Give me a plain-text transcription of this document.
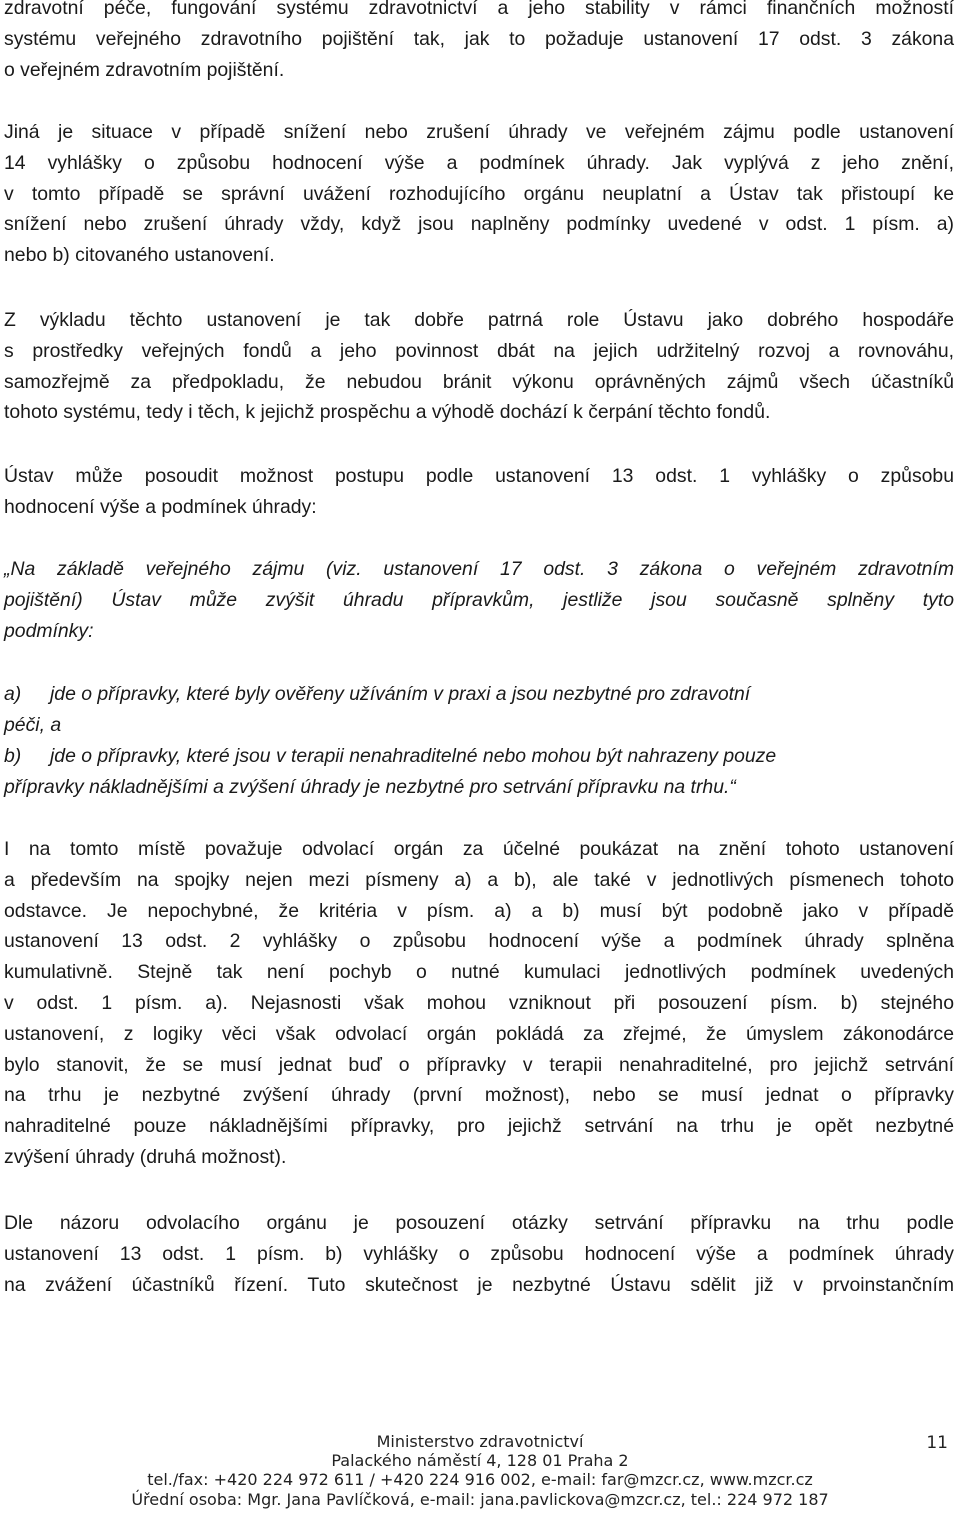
zdravotní péče, fungování systému zdravotnictví a jeho stability v rámci finančních možností
systému veřejného zdravotního pojištění tak, jak to požaduje ustanovení 17 odst. 3 zákona
o veřejném zdravotním pojištění.
Jiná je situace v případě snížení nebo zrušení úhrady ve veřejném zájmu podle ustanovení
14 vyhlášky o způsobu hodnocení výše a podmínek úhrady. Jak vyplývá z jeho znění,
v tomto případě se správní uvážení rozhodujícího orgánu neuplatní a Ústav tak přistoupí ke
snížení nebo zrušení úhrady vždy, když jsou naplněny podmínky uvedené v odst. 1 písm. a)
nebo b) citovaného ustanovení.
Z výkladu těchto ustanovení je tak dobře patrná role Ústavu jako dobrého hospodáře
s prostředky veřejných fondů a jeho povinnost dbát na jejich udržitelný rozvoj a rovnováhu,
samozřejmě za předpokladu, že nebudou bránit výkonu oprávněných zájmů všech účastníků
tohoto systému, tedy i těch, k jejichž prospěchu a výhodě dochází k čerpání těchto fondů.
Ústav může posoudit možnost postupu podle ustanovení 13 odst. 1 vyhlášky o způsobu
hodnocení výše a podmínek úhrady:
„Na základě veřejného zájmu (viz. ustanovení 17 odst. 3 zákona o veřejném zdravotním
pojištění) Ústav může zvýšit úhradu přípravkům, jestliže jsou současně splněny tyto
podmínky:
a) jde o přípravky, které byly ověřeny užíváním v praxi a jsou nezbytné pro zdravotní
péči, a
b) jde o přípravky, které jsou v terapii nenahraditelné nebo mohou být nahrazeny pouze
přípravky nákladnějšími a zvýšení úhrady je nezbytné pro setrvání přípravku na trhu.“
I na tomto místě považuje odvolací orgán za účelné poukázat na znění tohoto ustanovení
a především na spojky nejen mezi písmeny a) a b), ale také v jednotlivých písmenech tohoto
odstavce. Je nepochybné, že kritéria v písm. a) a b) musí být podobně jako v případě
ustanovení 13 odst. 2 vyhlášky o způsobu hodnocení výše a podmínek úhrady splněna
kumulativně. Stejně tak není pochyb o nutné kumulaci jednotlivých podmínek uvedených
v odst. 1 písm. a). Nejasnosti však mohou vzniknout při posouzení písm. b) stejného
ustanovení, z logiky věci však odvolací orgán pokládá za zřejmé, že úmyslem zákonodárce
bylo stanovit, že se musí jednat buď o přípravky v terapii nenahraditelné, pro jejichž setrvání
na trhu je nezbytné zvýšení úhrady (první možnost), nebo se musí jednat o přípravky
nahraditelné pouze nákladnějšími přípravky, pro jejichž setrvání na trhu je opět nezbytné
zvýšení úhrady (druhá možnost).
Dle názoru odvolacího orgánu je posouzení otázky setrvání přípravku na trhu podle
ustanovení 13 odst. 1 písm. b) vyhlášky o způsobu hodnocení výše a podmínek úhrady
na zvážení účastníků řízení. Tuto skutečnost je nezbytné Ústavu sdělit již v prvoinstančním
Ministerstvo zdravotnictví
Palackého náměstí 4, 128 01 Praha 2
tel./fax: +420 224 972 611 / +420 224 916 002, e-mail: far@mzcr.cz, www.mzcr.cz
Úřední osoba: Mgr. Jana Pavlíčková, e-mail: jana.pavlickova@mzcr.cz, tel.: 224 972 187
11
